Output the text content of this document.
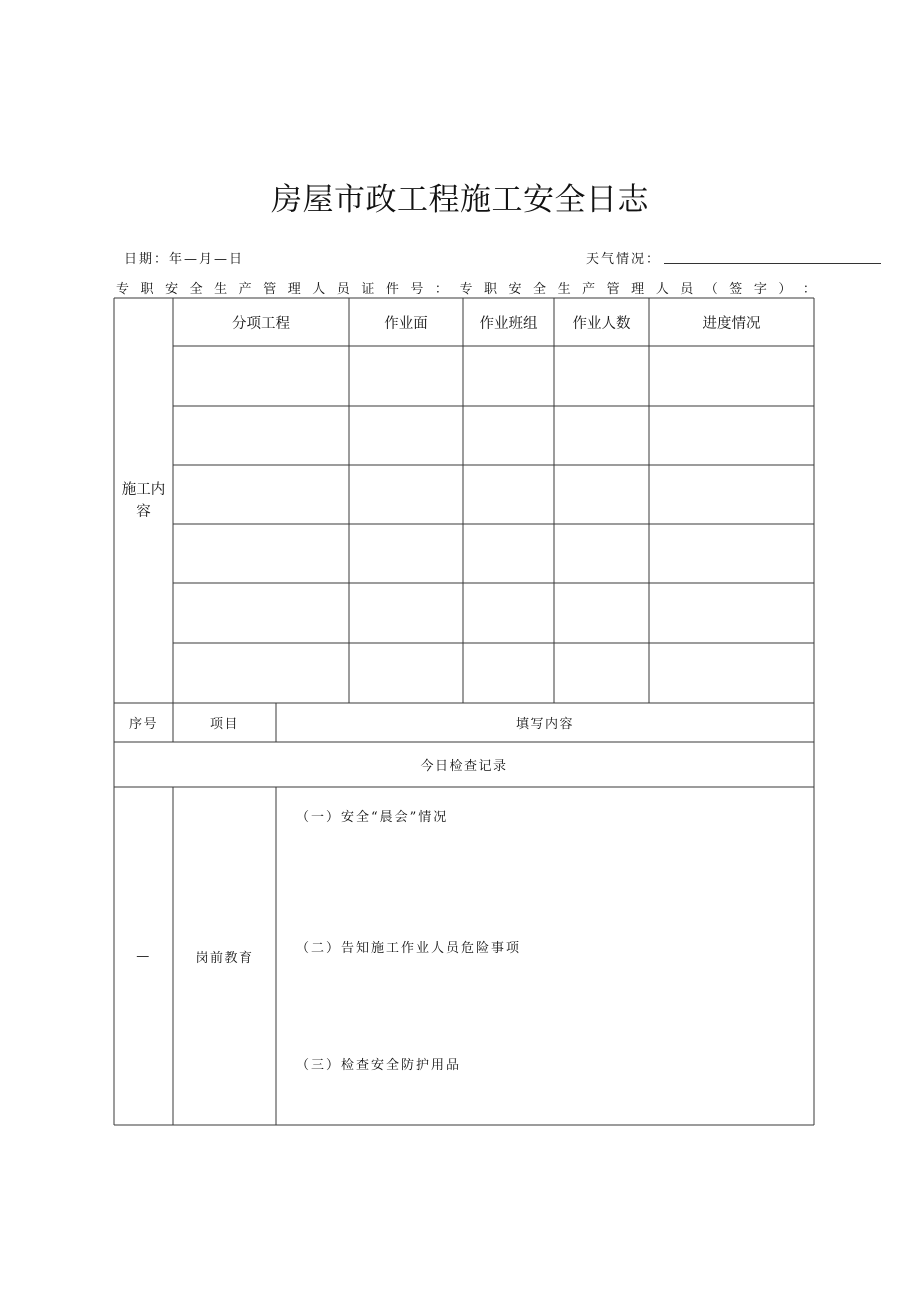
房屋市政工程施工安全日志
日期：年—月—日	天气情况：
专 职 安 全 生 产 管 理 人 员 证 件 号 ： 专 职 安 全 生 产 管 理 人 员 （ 签 字 ） ：
施工内容
分项工程	作业面	作业班组	作业人数	进度情况
序号	项目	填写内容
今日检查记录
—	岗前教育
（一）安全“晨会”情况
（二）告知施工作业人员危险事项
（三）检查安全防护用品
